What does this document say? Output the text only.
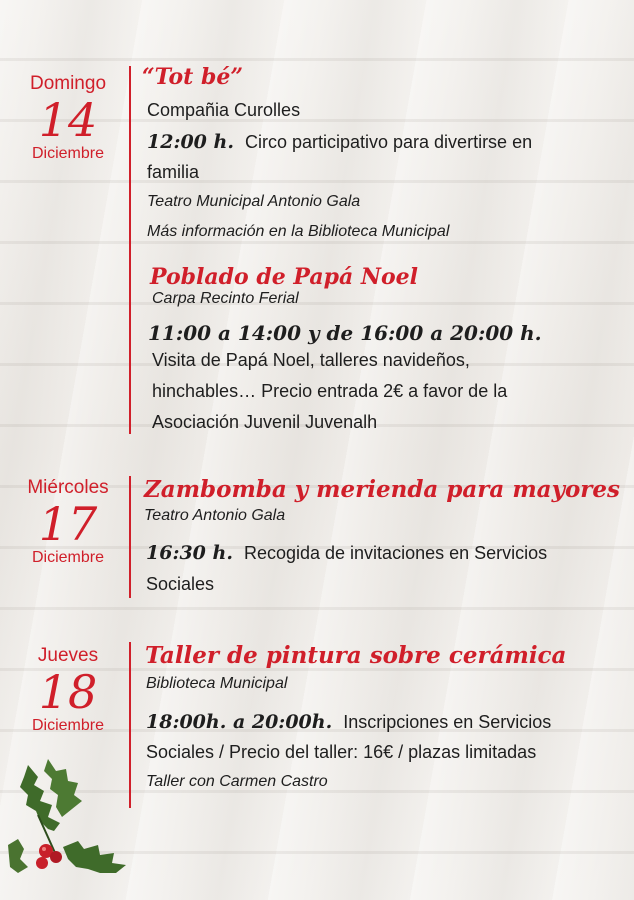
Domingo
14
Diciembre
“Tot bé”
Compañia Curolles
12:00 h. Circo participativo para divertirse en
familia
Teatro Municipal Antonio Gala
Más información en la Biblioteca Municipal
Poblado de Papá Noel
Carpa Recinto Ferial
11:00 a 14:00 y de 16:00 a 20:00 h.
Visita de Papá Noel, talleres navideños,
hinchables… Precio entrada 2€ a favor de la
Asociación Juvenil Juvenalh
Miércoles
17
Diciembre
Zambomba y merienda para mayores
Teatro Antonio Gala
16:30 h. Recogida de invitaciones en Servicios
Sociales
Jueves
18
Diciembre
Taller de pintura sobre cerámica
Biblioteca Municipal
18:00h. a 20:00h. Inscripciones en Servicios
Sociales / Precio del taller: 16€ / plazas limitadas
Taller con Carmen Castro
